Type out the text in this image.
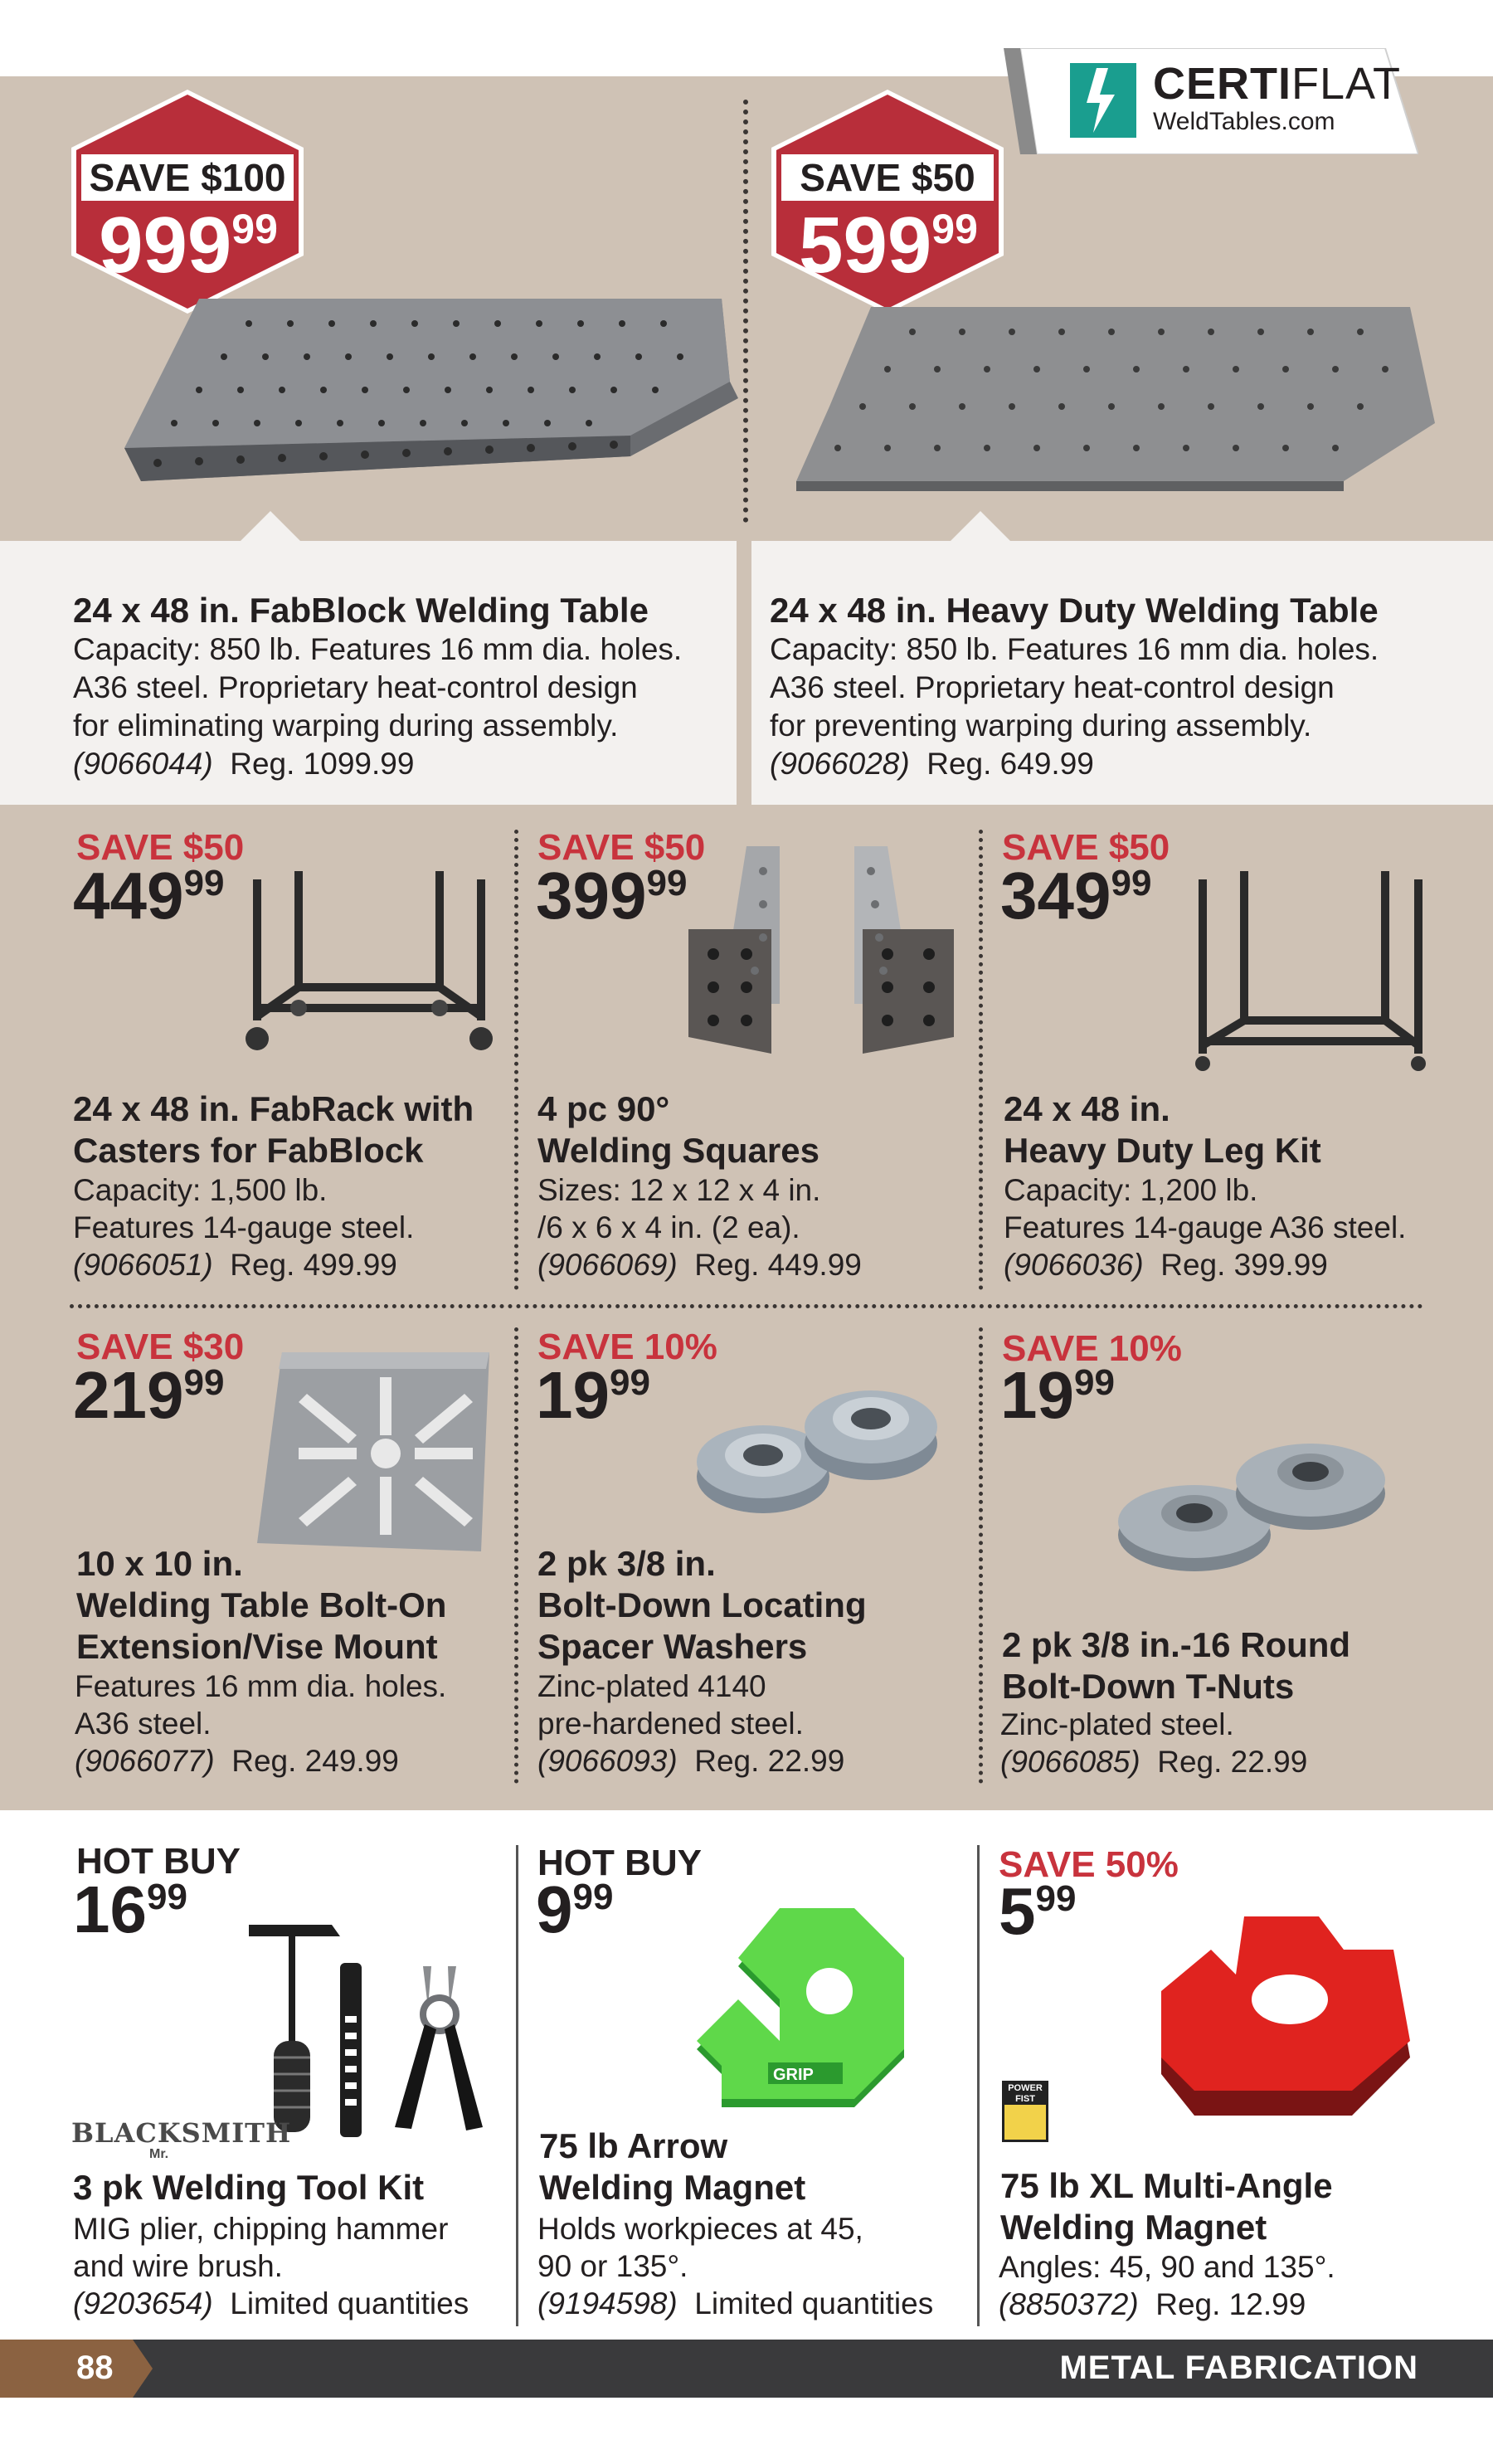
CERTIFLAT
WeldTables.com
SAVE $100
$999^{99}$
24 x 48 in. FabBlock Welding Table
Capacity: 850 lb. Features 16 mm dia. holes.
A36 steel. Proprietary heat-control design
for eliminating warping during assembly.
(9066044) Reg. 1099.99
SAVE $50
$599^{99}$
24 x 48 in. Heavy Duty Welding Table
Capacity: 850 lb. Features 16 mm dia. holes.
A36 steel. Proprietary heat-control design
for preventing warping during assembly.
(9066028) Reg. 649.99
SAVE $50
$449^{99}$
24 x 48 in. FabRack with
Casters for FabBlock
Capacity: 1,500 lb.
Features 14-gauge steel.
(9066051) Reg. 499.99
SAVE $50
$399^{99}$
4 pc 90°
Welding Squares
Sizes: 12 x 12 x 4 in.
/6 x 6 x 4 in. (2 ea).
(9066069) Reg. 449.99
SAVE $50
$349^{99}$
24 x 48 in.
Heavy Duty Leg Kit
Capacity: 1,200 lb.
Features 14-gauge A36 steel.
(9066036) Reg. 399.99
SAVE $30
$219^{99}$
10 x 10 in.
Welding Table Bolt-On
Extension/Vise Mount
Features 16 mm dia. holes.
A36 steel.
(9066077) Reg. 249.99
SAVE 10%
$19^{99}$
2 pk 3/8 in.
Bolt-Down Locating
Spacer Washers
Zinc-plated 4140
pre-hardened steel.
(9066093) Reg. 22.99
SAVE 10%
$19^{99}$
2 pk 3/8 in.-16 Round
Bolt-Down T-Nuts
Zinc-plated steel.
(9066085) Reg. 22.99
HOT BUY
$16^{99}$
BLACKSMITH
Mr.
3 pk Welding Tool Kit
MIG plier, chipping hammer
and wire brush.
(9203654) Limited quantities
HOT BUY
$9^{99}$
GRIP
75 lb Arrow
Welding Magnet
Holds workpieces at 45,
90 or 135°.
(9194598) Limited quantities
SAVE 50%
$5^{99}$
POWER
FIST
75 lb XL Multi-Angle
Welding Magnet
Angles: 45, 90 and 135°.
(8850372) Reg. 12.99
88	METAL FABRICATION
